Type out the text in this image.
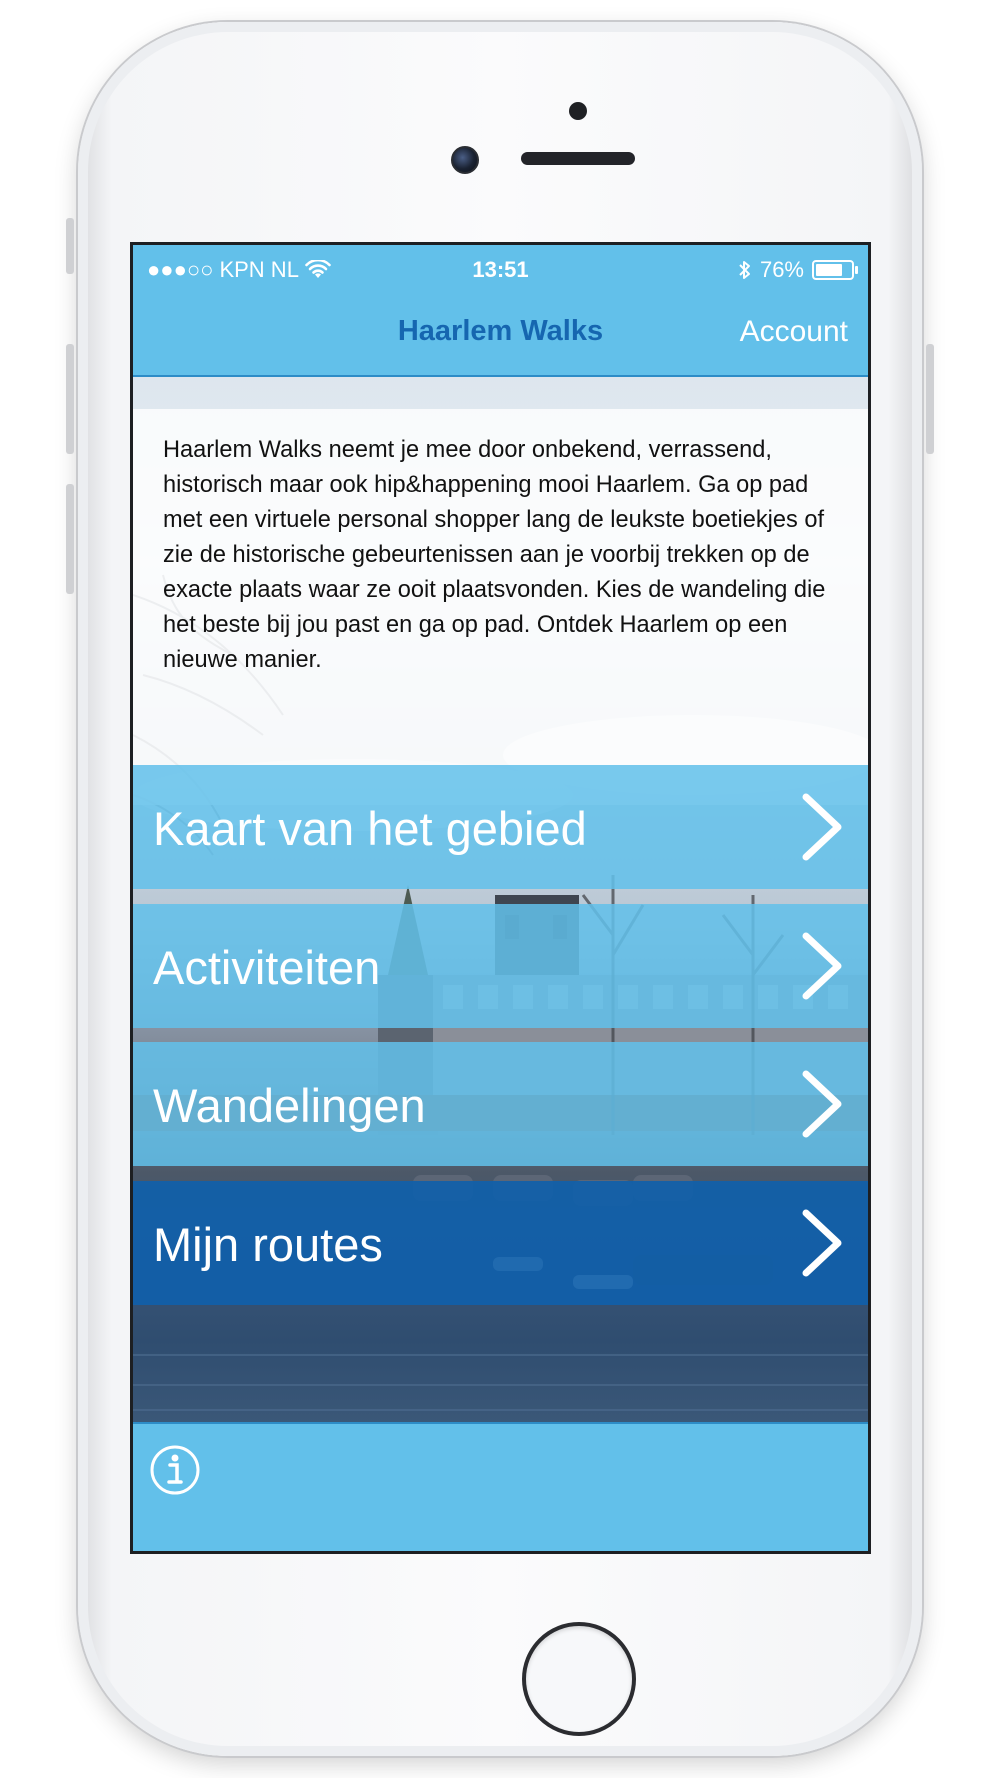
●●●○○ KPN NL	13:51	76%
Haarlem Walks	Account
Haarlem Walks neemt je mee door onbekend, verrassend, historisch maar ook hip&happening mooi Haarlem. Ga op pad met een virtuele personal shopper lang de leukste boetiekjes of zie de historische gebeurtenissen aan je voorbij trekken op de exacte plaats waar ze ooit plaatsvonden. Kies de wandeling die het beste bij jou past en ga op pad. Ontdek Haarlem op een nieuwe manier.
Kaart van het gebied
Activiteiten
Wandelingen
Mijn routes
